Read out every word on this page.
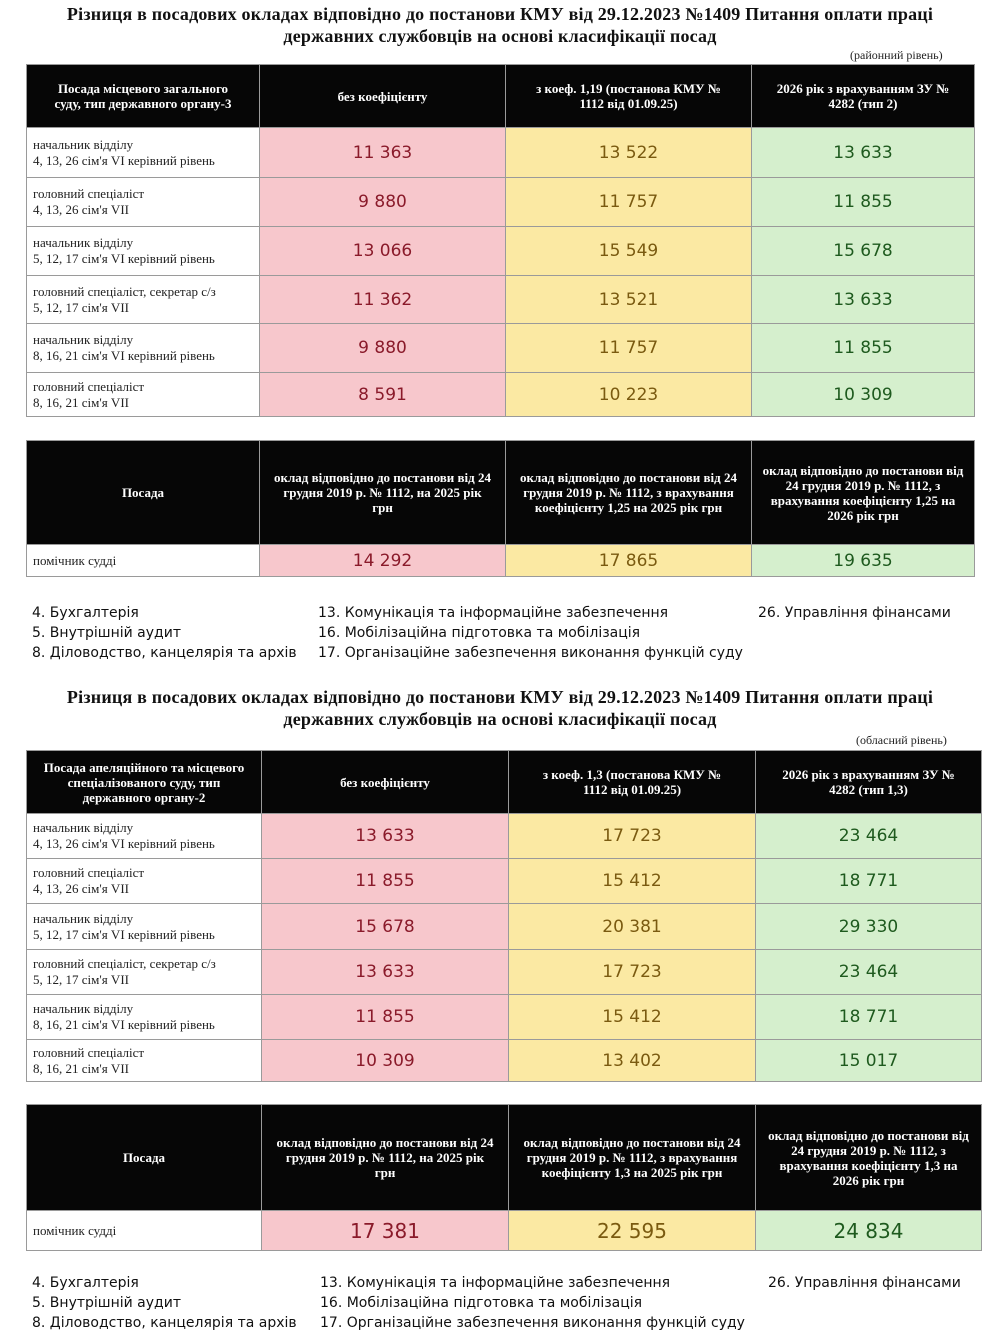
Різниця в посадових окладах відповідно до постанови КМУ від 29.12.2023 №1409 Питання оплати праці
державних службовців на основі класифікації посад
(районний рівень)
Посада місцевого загального суду, тип державного органу-3	без коефіцієнту	з коеф. 1,19 (постанова КМУ № 1112 від 01.09.25)	2026 рік з врахуванням ЗУ № 4282 (тип 2)

начальник відділу
4, 13, 26 сім'я VI керівний рівень	11 363	13 522	13 633

головний спеціаліст
4, 13, 26 сім'я VII	9 880	11 757	11 855

начальник відділу
5, 12, 17 сім'я VI керівний рівень	13 066	15 549	15 678

головний спеціаліст, секретар с/з
5, 12, 17 сім'я VII	11 362	13 521	13 633

начальник відділу
8, 16, 21 сім'я VI керівний рівень	9 880	11 757	11 855

головний спеціаліст
8, 16, 21 сім'я VII	8 591	10 223	10 309
Посада	оклад відповідно до постанови від 24 грудня 2019 р. № 1112, на 2025 рік грн	оклад відповідно до постанови від 24 грудня 2019 р. № 1112, з врахування коефіцієнту 1,25 на 2025 рік грн	оклад відповідно до постанови від 24 грудня 2019 р. № 1112, з врахування коефіцієнту 1,25 на 2026 рік грн
помічник судді	14 292	17 865	19 635
4. Бухгалтерія
5. Внутрішній аудит
8. Діловодство, канцелярія та архів
13. Комунікація та інформаційне забезпечення
16. Мобілізаційна підготовка та мобілізація
17. Організаційне забезпечення виконання функцій суду
26. Управління фінансами
Різниця в посадових окладах відповідно до постанови КМУ від 29.12.2023 №1409 Питання оплати праці
державних службовців на основі класифікації посад
(обласний рівень)
Посада апеляційного та місцевого спеціалізованого суду, тип державного органу-2	без коефіцієнту	з коеф. 1,3 (постанова КМУ № 1112 від 01.09.25)	2026 рік з врахуванням ЗУ № 4282 (тип 1,3)

начальник відділу
4, 13, 26 сім'я VI керівний рівень	13 633	17 723	23 464

головний спеціаліст
4, 13, 26 сім'я VII	11 855	15 412	18 771

начальник відділу
5, 12, 17 сім'я VI керівний рівень	15 678	20 381	29 330

головний спеціаліст, секретар с/з
5, 12, 17 сім'я VII	13 633	17 723	23 464

начальник відділу
8, 16, 21 сім'я VI керівний рівень	11 855	15 412	18 771

головний спеціаліст
8, 16, 21 сім'я VII	10 309	13 402	15 017
Посада	оклад відповідно до постанови від 24 грудня 2019 р. № 1112, на 2025 рік грн	оклад відповідно до постанови від 24 грудня 2019 р. № 1112, з врахування коефіцієнту 1,3 на 2025 рік грн	оклад відповідно до постанови від 24 грудня 2019 р. № 1112, з врахування коефіцієнту 1,3 на 2026 рік грн
помічник судді	17 381	22 595	24 834
4. Бухгалтерія
5. Внутрішній аудит
8. Діловодство, канцелярія та архів
13. Комунікація та інформаційне забезпечення
16. Мобілізаційна підготовка та мобілізація
17. Організаційне забезпечення виконання функцій суду
26. Управління фінансами
